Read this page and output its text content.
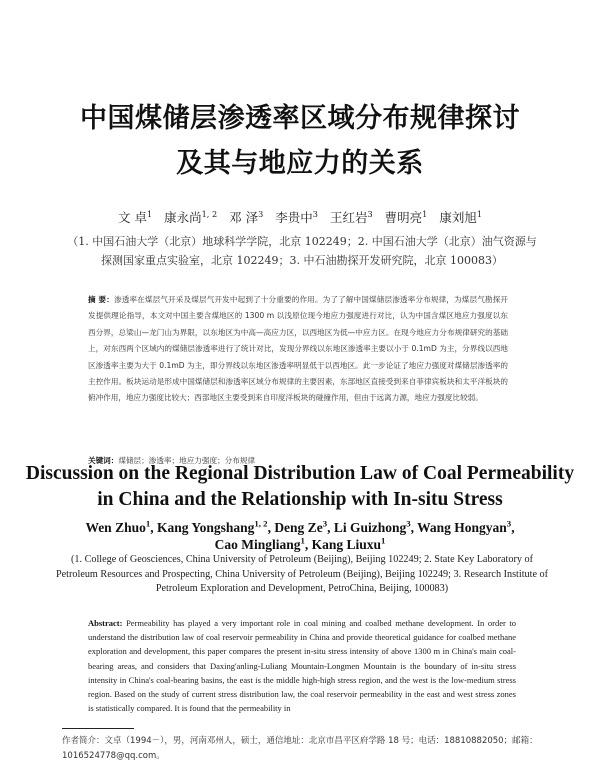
中国煤储层渗透率区域分布规律探讨
及其与地应力的关系
文 卓$^1$ 康永尚$^{1, 2}$ 邓 泽$^3$ 李贵中$^3$ 王红岩$^3$ 曹明亮$^1$ 康刘旭$^1$
（1. 中国石油大学（北京）地球科学学院，北京 102249；2. 中国石油大学（北京）油气资源与探测国家重点实验室，北京 102249；3. 中石油勘探开发研究院，北京 100083）
摘 要：渗透率在煤层气开采及煤层气开发中起到了十分重要的作用。为了了解中国煤储层渗透率分布规律，为煤层气勘探开发提供理论指导，本文对中国主要含煤地区的 1300 m 以浅原位现今地应力强度进行对比，认为中国含煤区地应力强度以东西分界，总梁山—龙门山为界限，以东地区为中高—高应力区，以西地区为低—中应力区。在现今地应力分布规律研究的基础上，对东西两个区域内的煤储层渗透率进行了统计对比，发现分界线以东地区渗透率主要以小于 0.1mD 为主，分界线以西地区渗透率主要为大于 0.1mD 为主，即分界线以东地区渗透率明显低于以西地区。此一步论证了地应力强度对煤储层渗透率的主控作用。板块运动是形成中国煤储层和渗透率区域分布规律的主要因素，东部地区直接受到来自菲律宾板块和太平洋板块的俯冲作用，地应力强度比较大；西部地区主要受到来自印度洋板块的碰撞作用，但由于远离力源，地应力强度比较弱。
关键词：煤储层；渗透率；地应力强度；分布规律
Discussion on the Regional Distribution Law of Coal Permeability
in China and the Relationship with In-situ Stress
Wen Zhuo$^1$, Kang Yongshang$^{1, 2}$, Deng Ze$^3$, Li Guizhong$^3$, Wang Hongyan$^3$,
Cao Mingliang$^1$, Kang Liuxu$^1$
(1. College of Geosciences, China University of Petroleum (Beijing), Beijing 102249; 2. State Key Laboratory of Petroleum Resources and Prospecting, China University of Petroleum (Beijing), Beijing 102249; 3. Research Institute of Petroleum Exploration and Development, PetroChina, Beijing, 100083)
Abstract: Permeability has played a very important role in coal mining and coalbed methane development. In order to understand the distribution law of coal reservoir permeability in China and provide theoretical guidance for coalbed methane exploration and development, this paper compares the present in-situ stress intensity of above 1300 m in China's main coal-bearing areas, and considers that Daxing'anling-Luliang Mountain-Longmen Mountain is the boundary of in-situ stress intensity in China's coal-bearing basins, the east is the middle high-high stress region, and the west is the low-medium stress region. Based on the study of current stress distribution law, the coal reservoir permeability in the east and west stress zones is statistically compared. It is found that the permeability in
作者简介：文卓（1994－），男，河南邓州人，硕士，通信地址：北京市昌平区府学路 18 号；电话：18810882050；邮箱：1016524778@qq.com。
